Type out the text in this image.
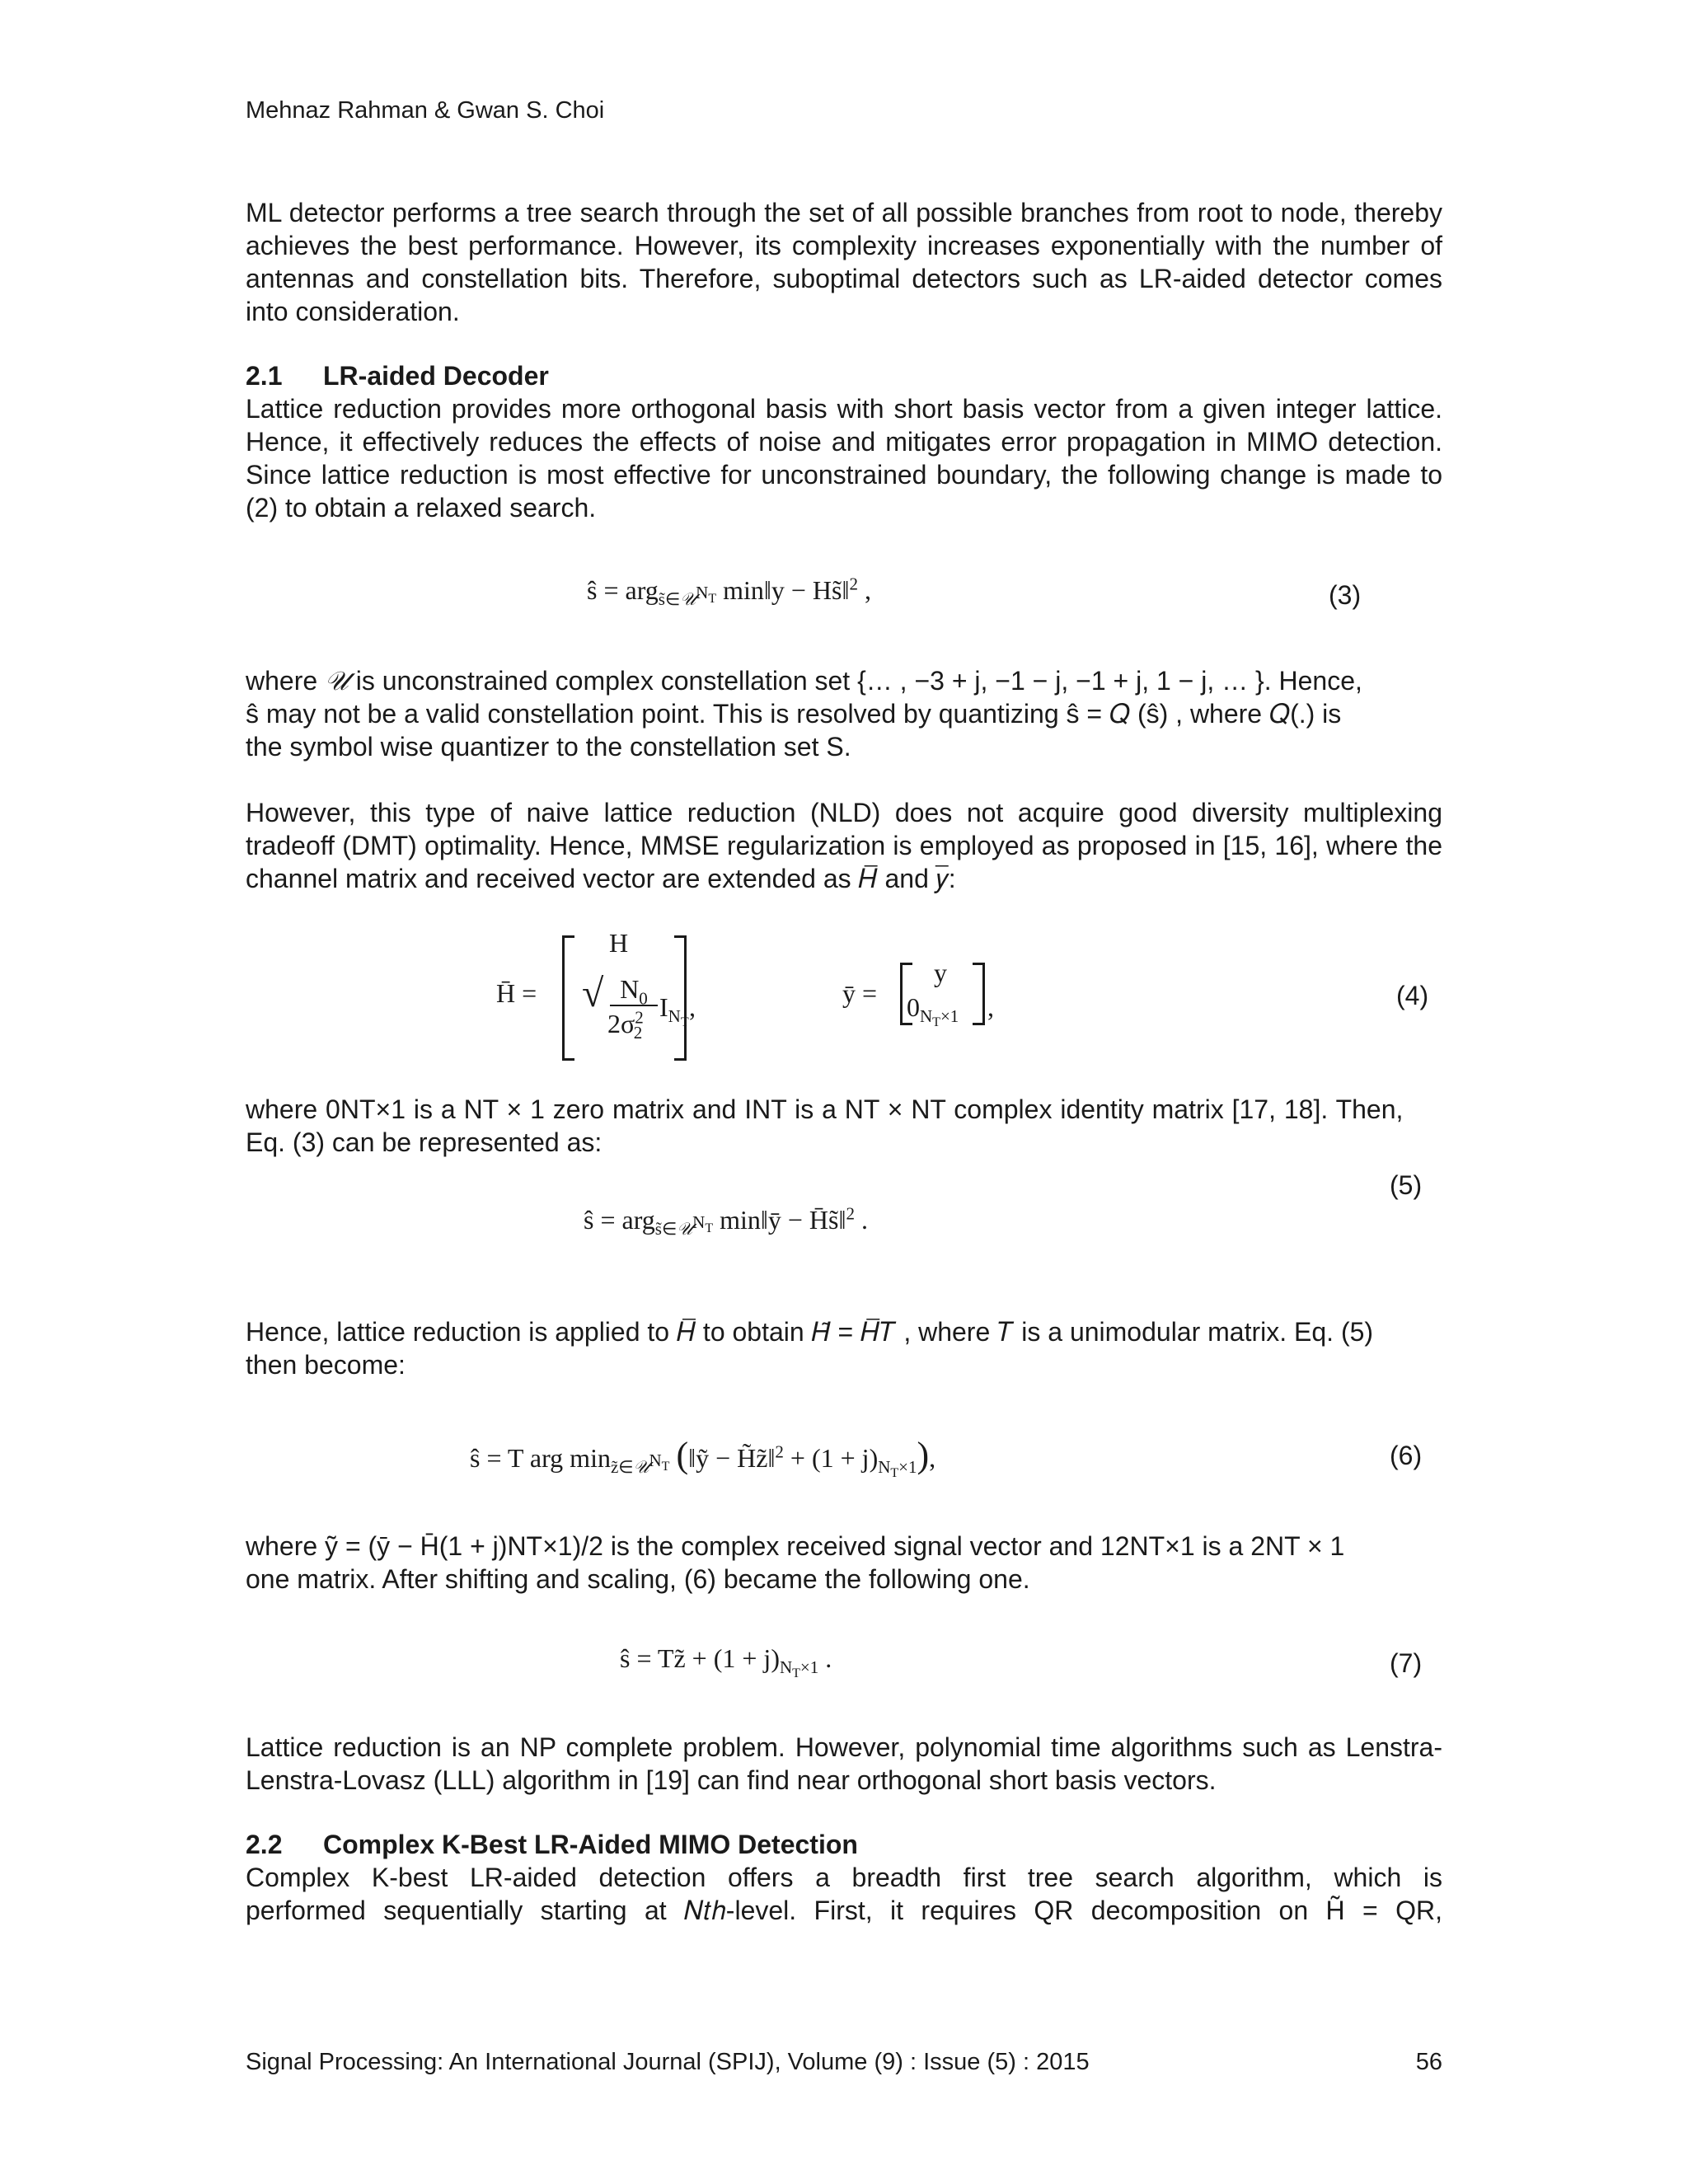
Mehnaz Rahman & Gwan S. Choi

ML detector performs a tree search through the set of all possible branches from root to node, thereby achieves the best performance. However, its complexity increases exponentially with the number of antennas and constellation bits. Therefore, suboptimal detectors such as LR-aided detector comes into consideration.

2.1 LR-aided Decoder

Lattice reduction provides more orthogonal basis with short basis vector from a given integer lattice. Hence, it effectively reduces the effects of noise and mitigates error propagation in MIMO detection. Since lattice reduction is most effective for unconstrained boundary, the following change is made to (2) to obtain a relaxed search.

ŝ = arg$_{s̃\in 𝒰^{N_T}}$ min‖y − Hs̃‖$^2$ ,	(3)

where 𝒰 is unconstrained complex constellation set {… , −3 + j, −1 − j, −1 + j, 1 − j, … }. Hence,

ŝ may not be a valid constellation point. This is resolved by quantizing ŝ = 𝑄 (ŝ) , where 𝑄(.) is

the symbol wise quantizer to the constellation set S.

However, this type of naive lattice reduction (NLD) does not acquire good diversity multiplexing tradeoff (DMT) optimality. Hence, MMSE regularization is employed as proposed in [15, 16], where the channel matrix and received vector are extended as 𝐻̅ and 𝑦̅:

H̄ =
H
√ $N_0$
$2\sigma^2_2$
$I_{N_T}$
,	ȳ =
y
$0_{N_T\times 1}$ ,	(4)

where 0NT×1 is a NT × 1 zero matrix and INT is a NT × NT complex identity matrix [17, 18]. Then,

Eq. (3) can be represented as:

(5)
ŝ = arg$_{s̃\in 𝒰^{N_T}}$ min‖ȳ − H̄s̃‖$^2$ .

Hence, lattice reduction is applied to 𝐻̅ to obtain 𝐻̃ = 𝐻̅𝑇 , where 𝑇 is a unimodular matrix. Eq. (5)

then become:

ŝ = T arg $\min_{z̃\in 𝒰^{N_T}}$ (‖ỹ − H̃z̃‖$^2$ + $(1 + j)_{N_T\times 1}$),	(6)

where ỹ = (ȳ − H̄(1 + j)NT×1)/2 is the complex received signal vector and 12NT×1 is a 2NT × 1

one matrix. After shifting and scaling, (6) became the following one.

ŝ = Tz̃ + $(1 + j)_{N_T\times 1}$ .	(7)

Lattice reduction is an NP complete problem. However, polynomial time algorithms such as Lenstra-Lenstra-Lovasz (LLL) algorithm in [19] can find near orthogonal short basis vectors.

2.2 Complex K-Best LR-Aided MIMO Detection

Complex K-best LR-aided detection offers a breadth first tree search algorithm, which is

performed sequentially starting at 𝑁𝑡ℎ-level. First, it requires QR decomposition on H̃ = QR,

Signal Processing: An International Journal (SPIJ), Volume (9) : Issue (5) : 2015	56
